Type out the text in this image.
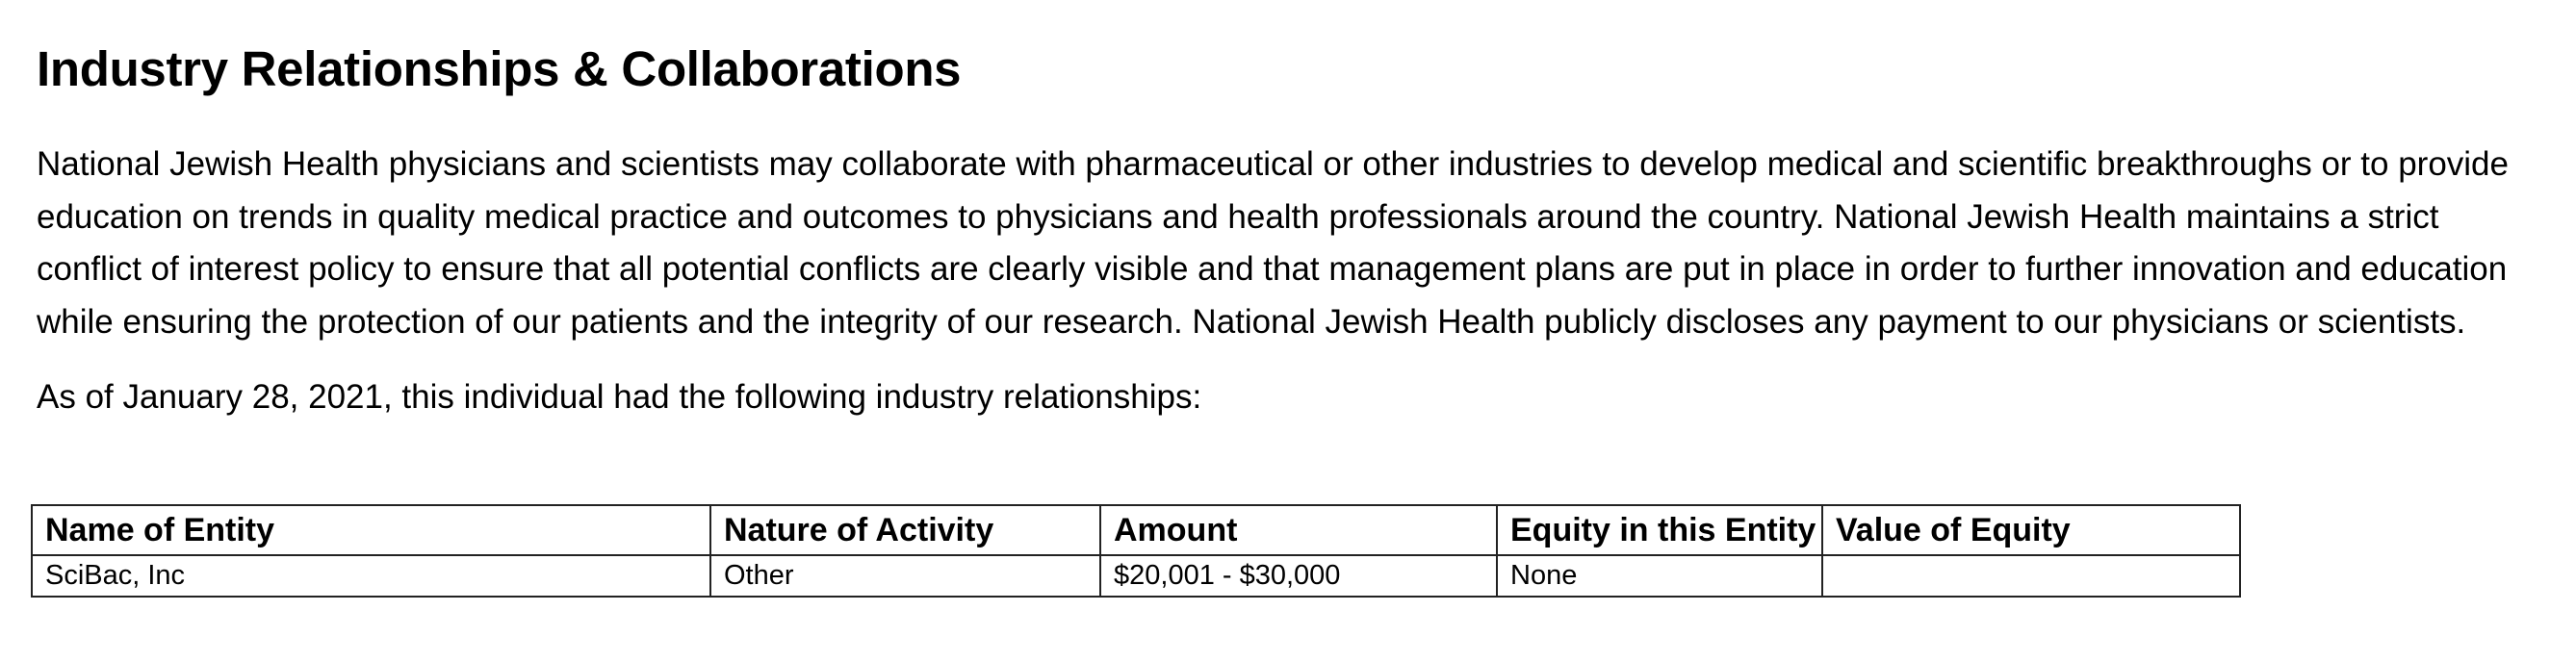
Industry Relationships & Collaborations

National Jewish Health physicians and scientists may collaborate with pharmaceutical or other industries to develop medical and scientific breakthroughs or to provide education on trends in quality medical practice and outcomes to physicians and health professionals around the country. National Jewish Health maintains a strict conflict of interest policy to ensure that all potential conflicts are clearly visible and that management plans are put in place in order to further innovation and education while ensuring the protection of our patients and the integrity of our research. National Jewish Health publicly discloses any payment to our physicians or scientists.

As of January 28, 2021, this individual had the following industry relationships:

Name of Entity	Nature of Activity	Amount	Equity in this Entity	Value of Equity
SciBac, Inc	Other	$20,001 - $30,000	None	
